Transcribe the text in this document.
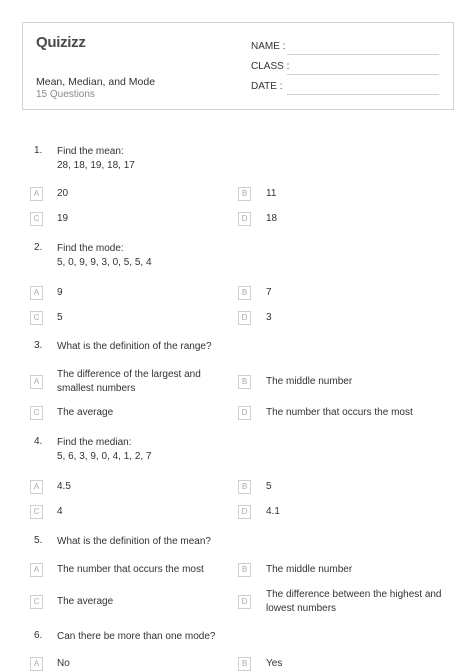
Quizizz
Mean, Median, and Mode
15 Questions
NAME :
CLASS :
DATE :
1. Find the mean:
28, 18, 19, 18, 17
A	20	B	11
C	19	D	18
2. Find the mode:
5, 0, 9, 9, 3, 0, 5, 5, 4
A	9	B	7
C	5	D	3
3. What is the definition of the range?
A
The difference of the largest and
smallest numbers
B	The middle number
C	The average	D	The number that occurs the most
4. Find the median:
5, 6, 3, 9, 0, 4, 1, 2, 7
A	4.5	B	5
C	4	D	4.1
5. What is the definition of the mean?
A	The number that occurs the most	B	The middle number
C	The average	D
The difference between the highest and
lowest numbers
6. Can there be more than one mode?
A	No	B	Yes
